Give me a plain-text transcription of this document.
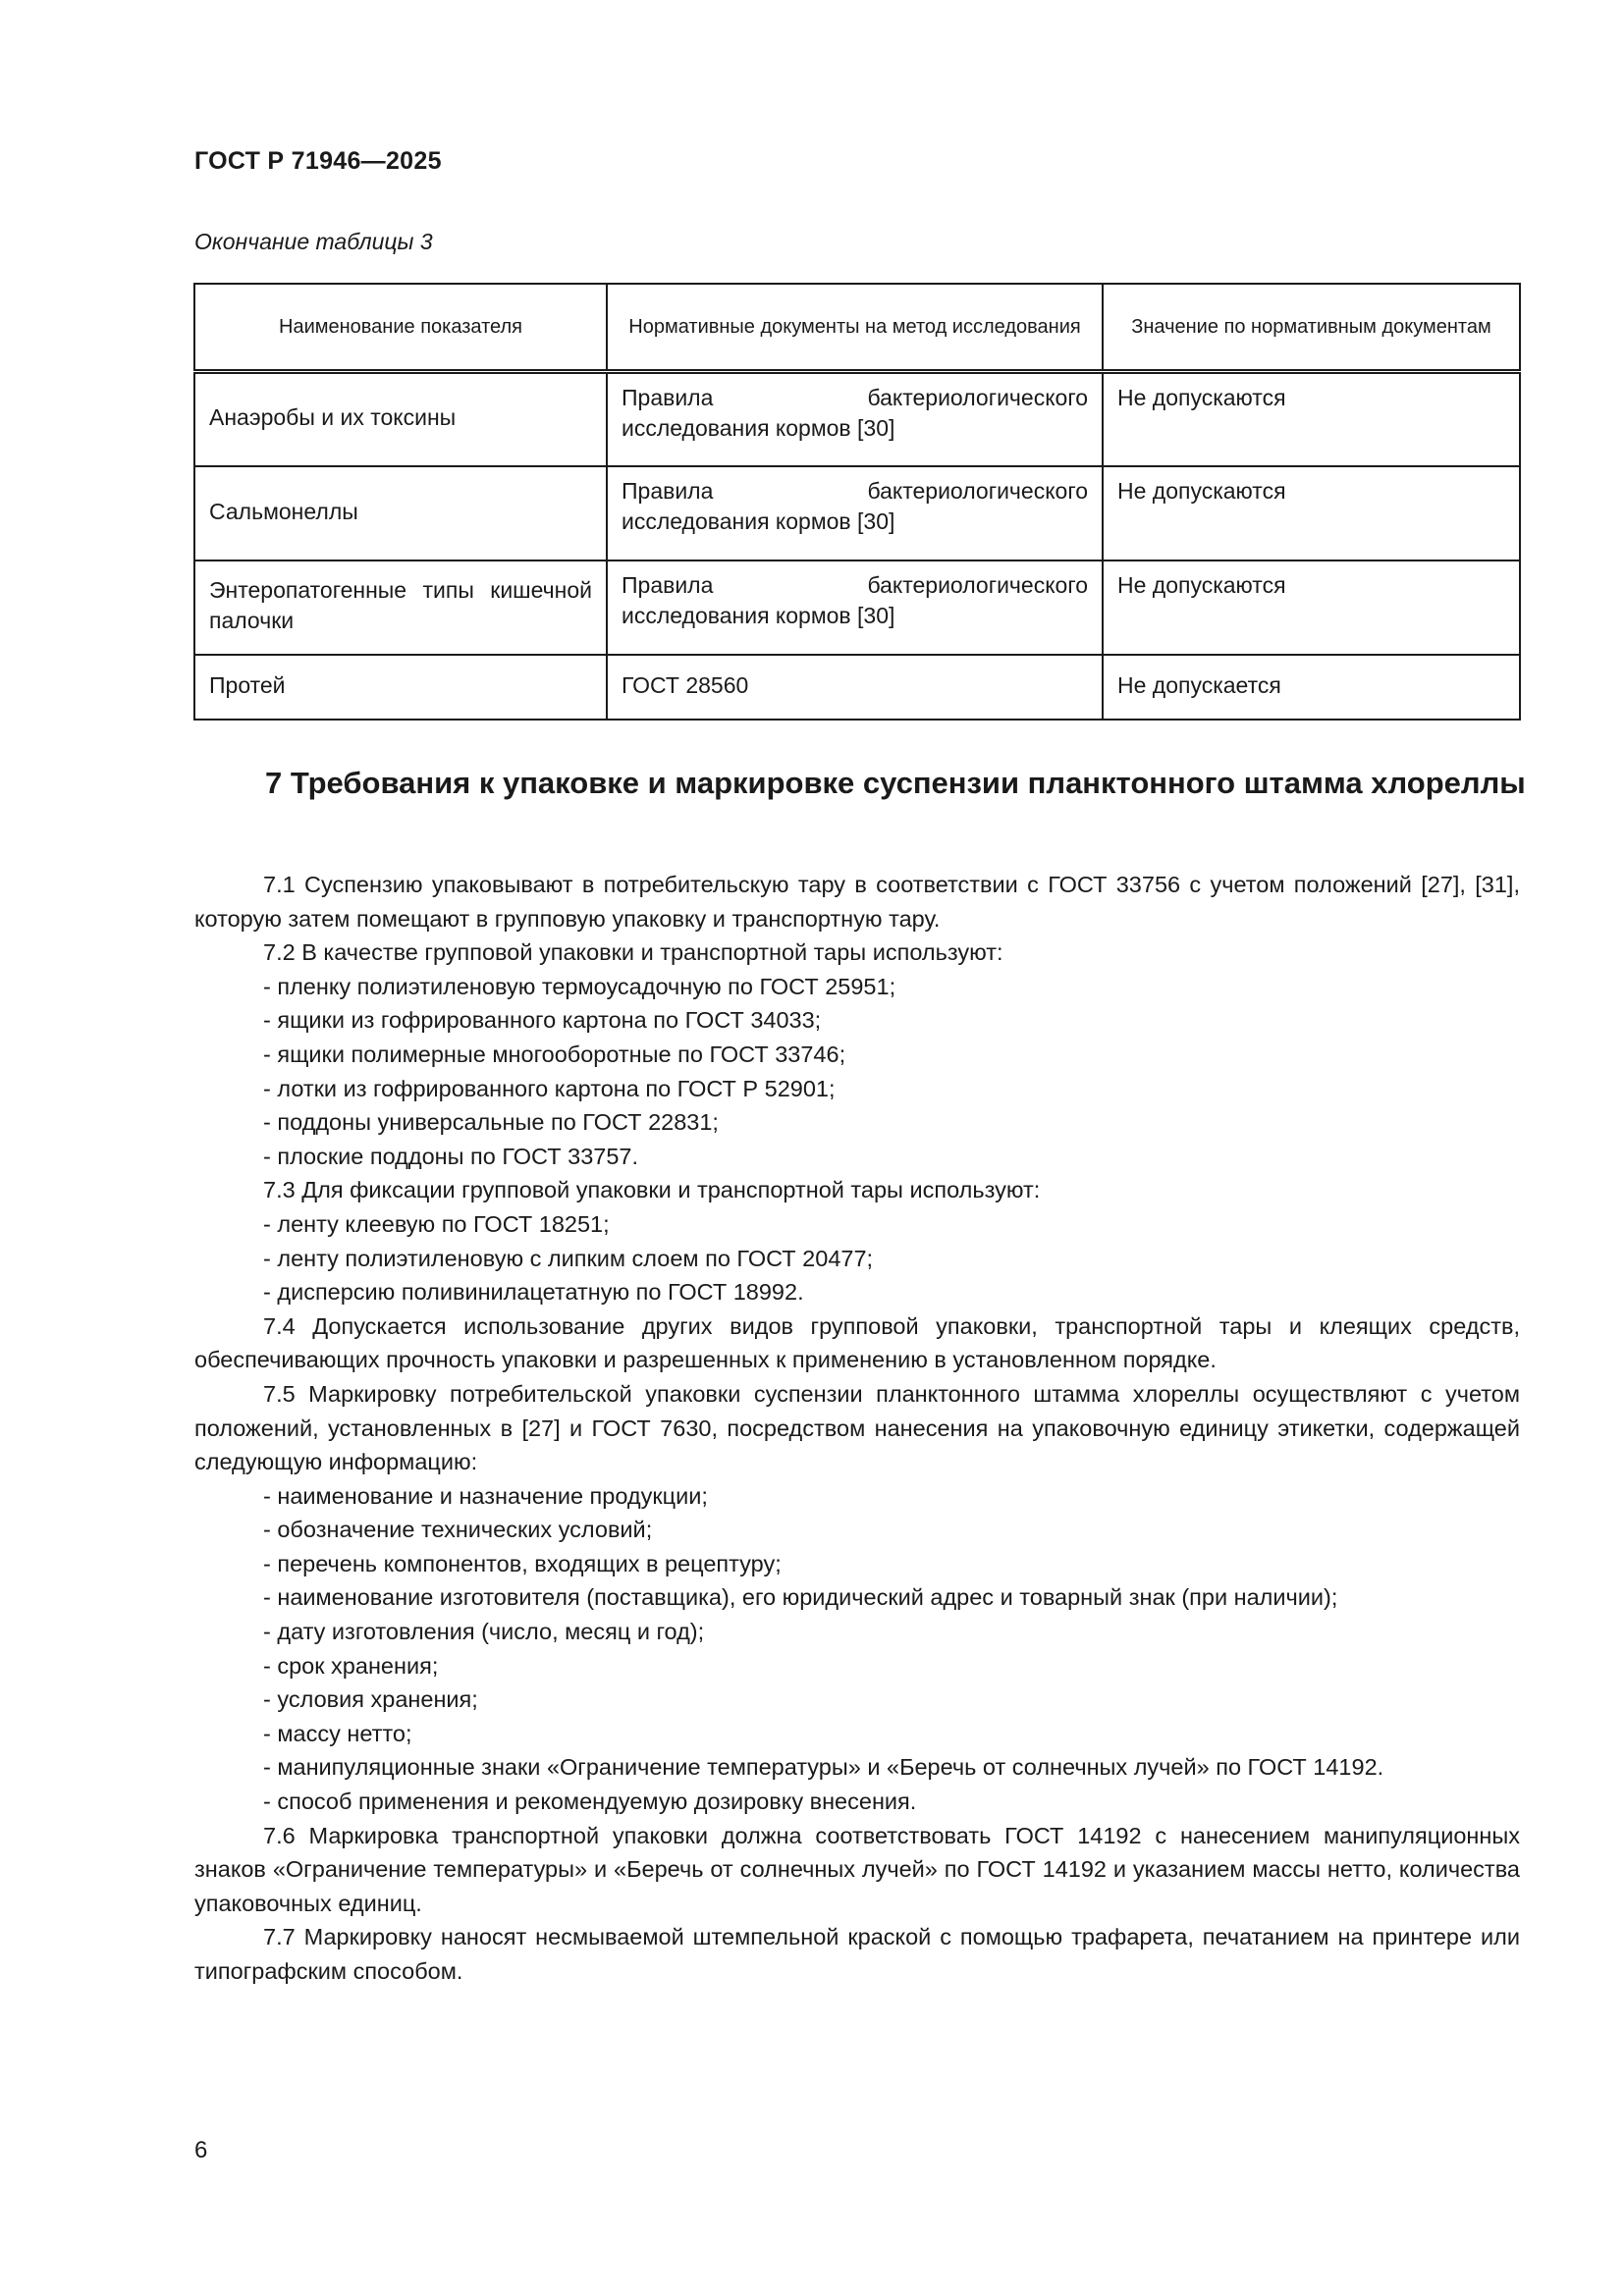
ГОСТ Р 71946—2025
Окончание таблицы 3
Наименование показателя	Нормативные документы на метод исследования	Значение по нормативным документам
Анаэробы и их токсины	Правила бактериологического исследования кормов [30]	Не допускаются
Сальмонеллы	Правила бактериологического исследования кормов [30]	Не допускаются
Энтеропатогенные типы кишечной палочки	Правила бактериологического исследования кормов [30]	Не допускаются
Протей	ГОСТ 28560	Не допускается
7 Требования к упаковке и маркировке суспензии планктонного штамма хлореллы

7.1 Суспензию упаковывают в потребительскую тару в соответствии с ГОСТ 33756 с учетом положений [27], [31], которую затем помещают в групповую упаковку и транспортную тару.

7.2 В качестве групповой упаковки и транспортной тары используют:

- пленку полиэтиленовую термоусадочную по ГОСТ 25951;

- ящики из гофрированного картона по ГОСТ 34033;

- ящики полимерные многооборотные по ГОСТ 33746;

- лотки из гофрированного картона по ГОСТ Р 52901;

- поддоны универсальные по ГОСТ 22831;

- плоские поддоны по ГОСТ 33757.

7.3 Для фиксации групповой упаковки и транспортной тары используют:

- ленту клеевую по ГОСТ 18251;

- ленту полиэтиленовую с липким слоем по ГОСТ 20477;

- дисперсию поливинилацетатную по ГОСТ 18992.

7.4 Допускается использование других видов групповой упаковки, транспортной тары и клеящих средств, обеспечивающих прочность упаковки и разрешенных к применению в установленном порядке.

7.5 Маркировку потребительской упаковки суспензии планктонного штамма хлореллы осуществляют с учетом положений, установленных в [27] и ГОСТ 7630, посредством нанесения на упаковочную единицу этикетки, содержащей следующую информацию:

- наименование и назначение продукции;

- обозначение технических условий;

- перечень компонентов, входящих в рецептуру;

- наименование изготовителя (поставщика), его юридический адрес и товарный знак (при наличии);

- дату изготовления (число, месяц и год);

- срок хранения;

- условия хранения;

- массу нетто;

- манипуляционные знаки «Ограничение температуры» и «Беречь от солнечных лучей» по ГОСТ 14192.

- способ применения и рекомендуемую дозировку внесения.

7.6 Маркировка транспортной упаковки должна соответствовать ГОСТ 14192 с нанесением манипуляционных знаков «Ограничение температуры» и «Беречь от солнечных лучей» по ГОСТ 14192 и указанием массы нетто, количества упаковочных единиц.

7.7 Маркировку наносят несмываемой штемпельной краской с помощью трафарета, печатанием на принтере или типографским способом.

6
